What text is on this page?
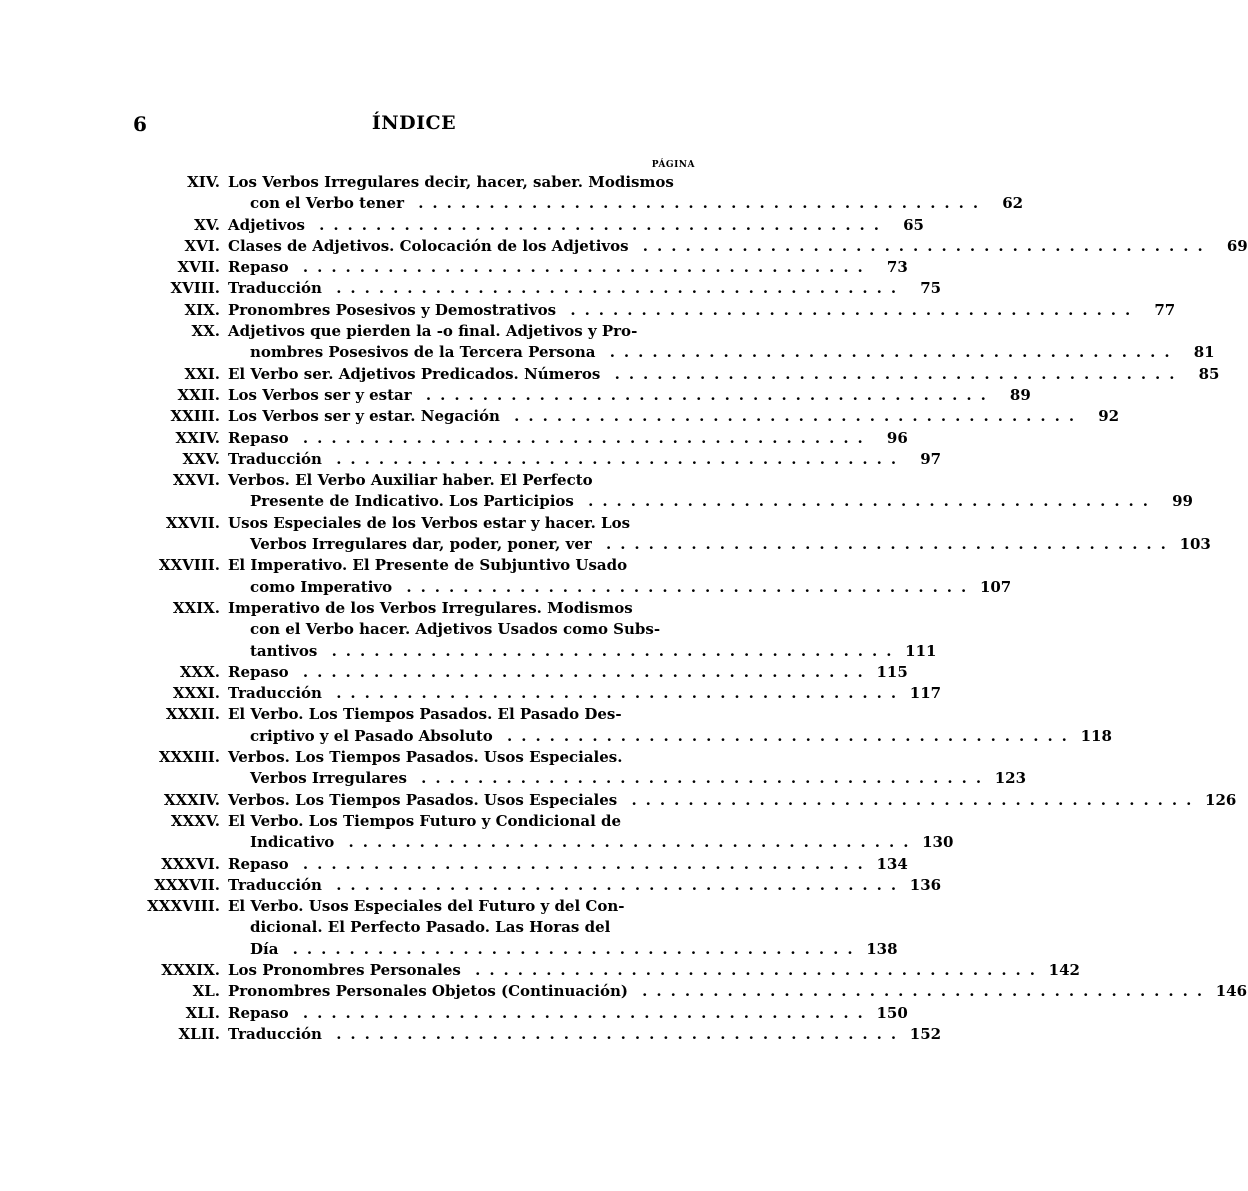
6	ÍNDICE
PÁGINA
XIV. Los Verbos Irregulares decir, hacer, saber. Modismos
con el Verbo tener ........................................	62
XV. Adjetivos ........................................	65
XVI. Clases de Adjetivos. Colocación de los Adjetivos ........................................	69
XVII. Repaso ........................................	73
XVIII. Traducción ........................................	75
XIX. Pronombres Posesivos y Demostrativos ........................................	77
XX. Adjetivos que pierden la -o final. Adjetivos y Pro-
nombres Posesivos de la Tercera Persona ........................................	81
XXI. El Verbo ser. Adjetivos Predicados. Números ........................................	85
XXII. Los Verbos ser y estar ........................................	89
XXIII. Los Verbos ser y estar. Negación ........................................	92
XXIV. Repaso ........................................	96
XXV. Traducción ........................................	97
XXVI. Verbos. El Verbo Auxiliar haber. El Perfecto
Presente de Indicativo. Los Participios ........................................	99
XXVII. Usos Especiales de los Verbos estar y hacer. Los
Verbos Irregulares dar, poder, poner, ver ........................................ 103
XXVIII. El Imperativo. El Presente de Subjuntivo Usado
como Imperativo ........................................ 107
XXIX. Imperativo de los Verbos Irregulares. Modismos
con el Verbo hacer. Adjetivos Usados como Subs-
tantivos ........................................ 111
XXX. Repaso ........................................ 115
XXXI. Traducción ........................................ 117
XXXII. El Verbo. Los Tiempos Pasados. El Pasado Des-
criptivo y el Pasado Absoluto ........................................ 118
XXXIII. Verbos. Los Tiempos Pasados. Usos Especiales.
Verbos Irregulares ........................................ 123
XXXIV. Verbos. Los Tiempos Pasados. Usos Especiales ........................................ 126
XXXV. El Verbo. Los Tiempos Futuro y Condicional de
Indicativo ........................................ 130
XXXVI. Repaso ........................................ 134
XXXVII. Traducción ........................................ 136
XXXVIII. El Verbo. Usos Especiales del Futuro y del Con-
dicional. El Perfecto Pasado. Las Horas del
Día ........................................ 138
XXXIX. Los Pronombres Personales ........................................ 142
XL. Pronombres Personales Objetos (Continuación) ........................................ 146
XLI. Repaso ........................................ 150
XLII. Traducción ........................................ 152
